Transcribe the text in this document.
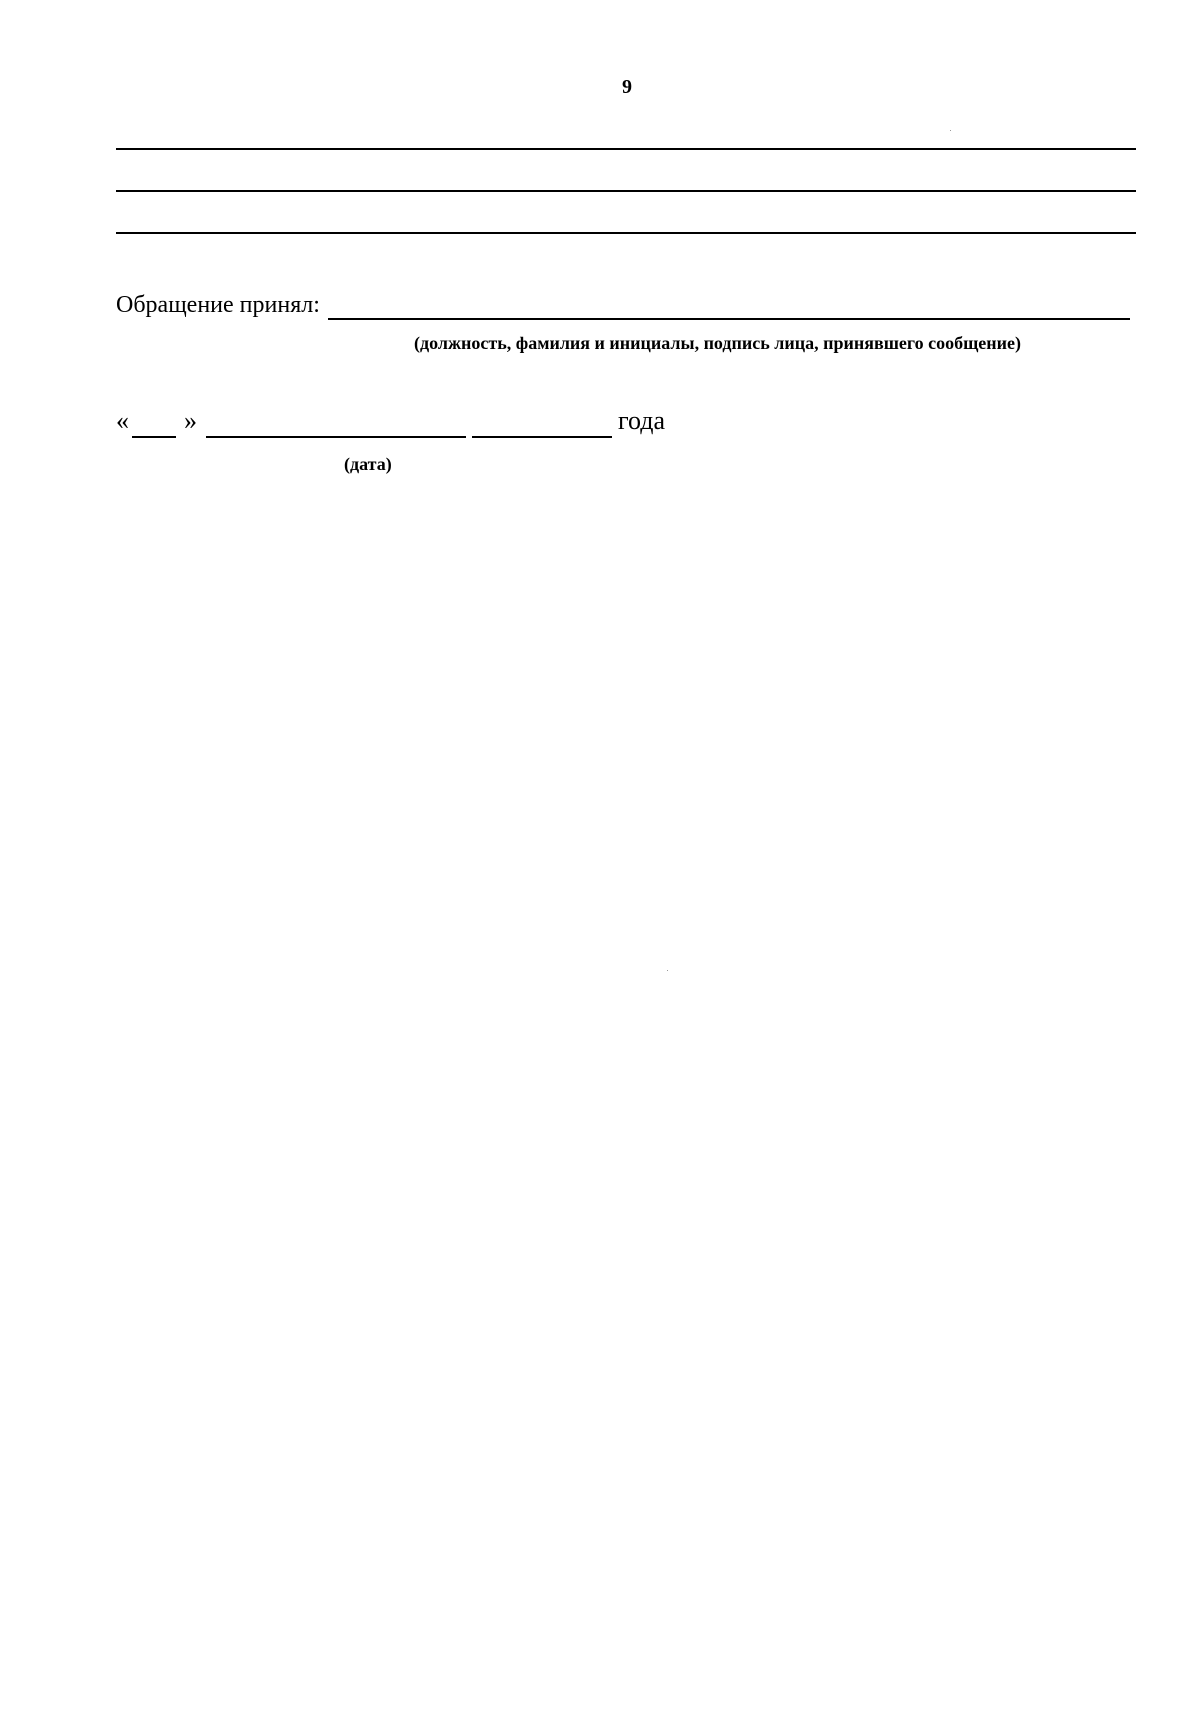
9
Обращение принял:
(должность, фамилия и инициалы, подпись лица, принявшего сообщение)
« »	года
(дата)
